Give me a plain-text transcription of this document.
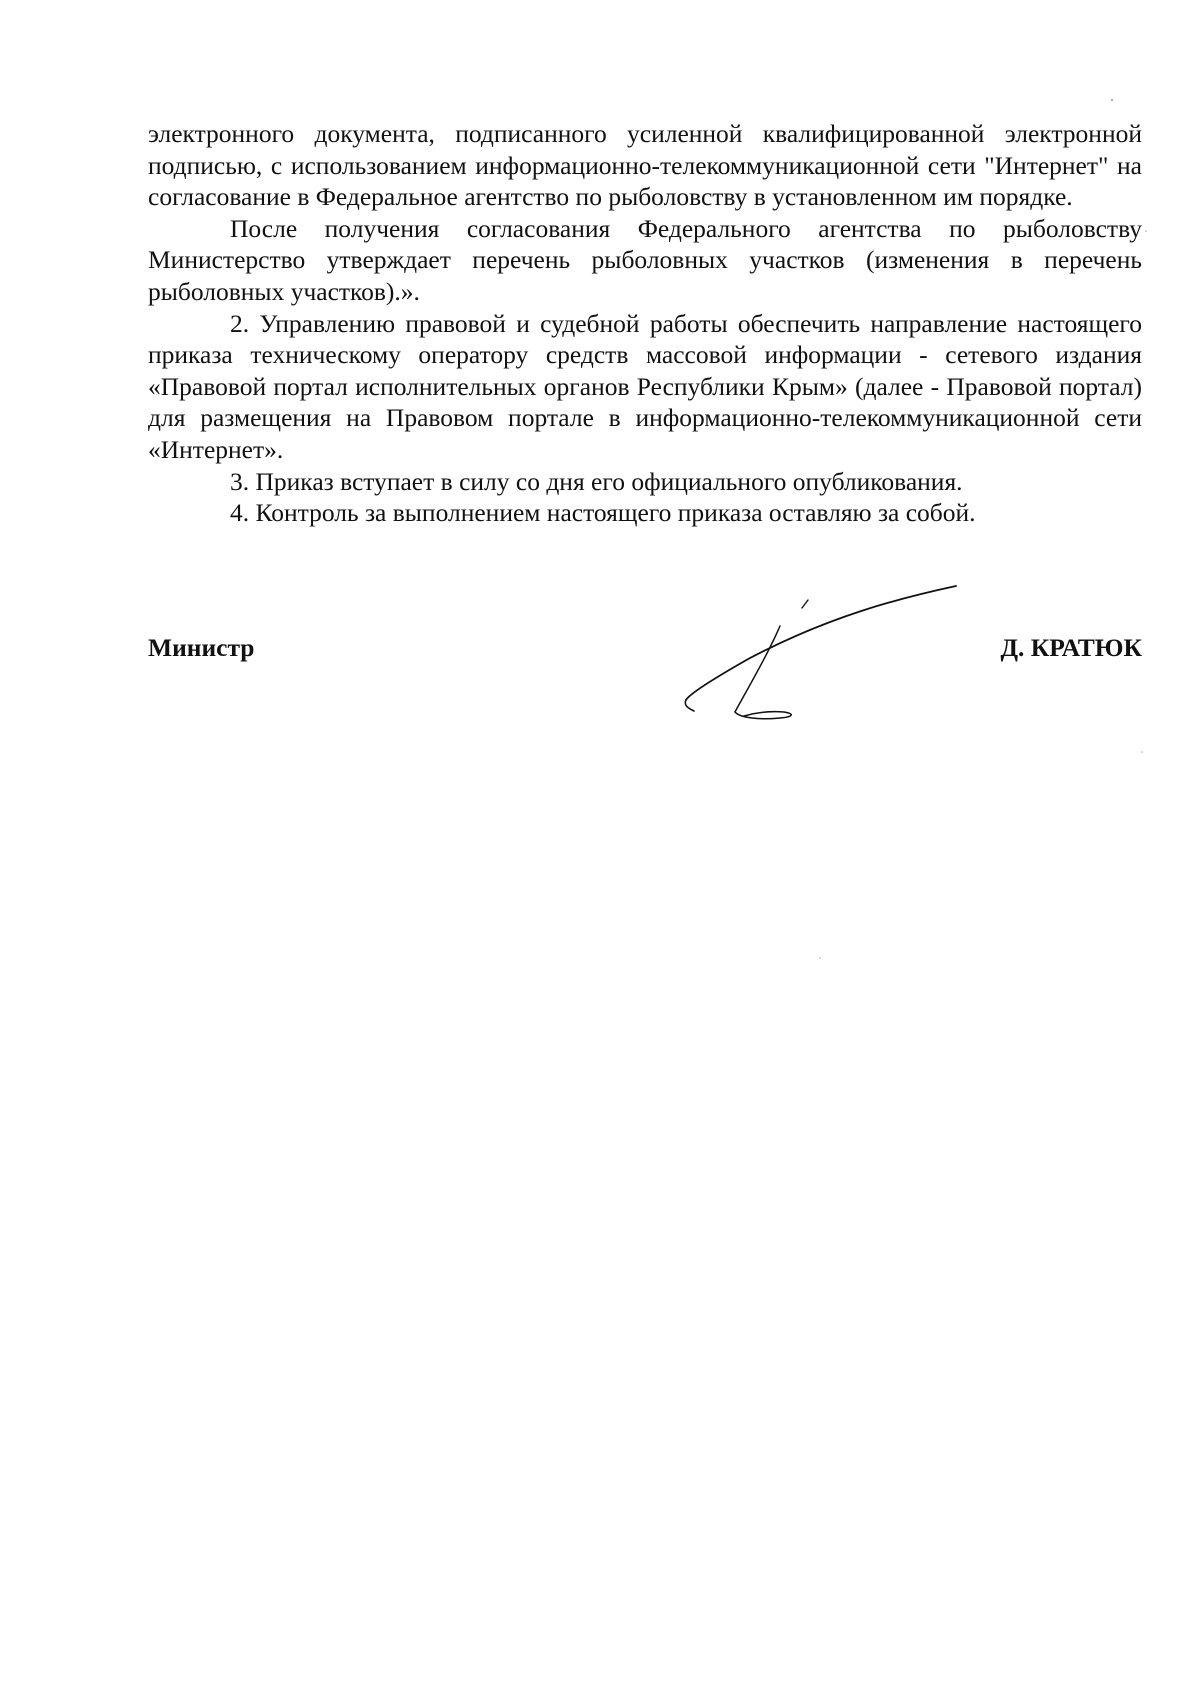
электронного документа, подписанного усиленной квалифицированной электронной подписью, с использованием информационно-телекоммуникационной сети "Интернет" на согласование в Федеральное агентство по рыболовству в установленном им порядке.

После получения согласования Федерального агентства по рыболовству Министерство утверждает перечень рыболовных участков (изменения в перечень рыболовных участков).».

2. Управлению правовой и судебной работы обеспечить направление настоящего приказа техническому оператору средств массовой информации - сетевого издания «Правовой портал исполнительных органов Республики Крым» (далее - Правовой портал) для размещения на Правовом портале в информационно-телекоммуникационной сети «Интернет».

3. Приказ вступает в силу со дня его официального опубликования.

4. Контроль за выполнением настоящего приказа оставляю за собой.

Министр	Д. КРАТЮК
